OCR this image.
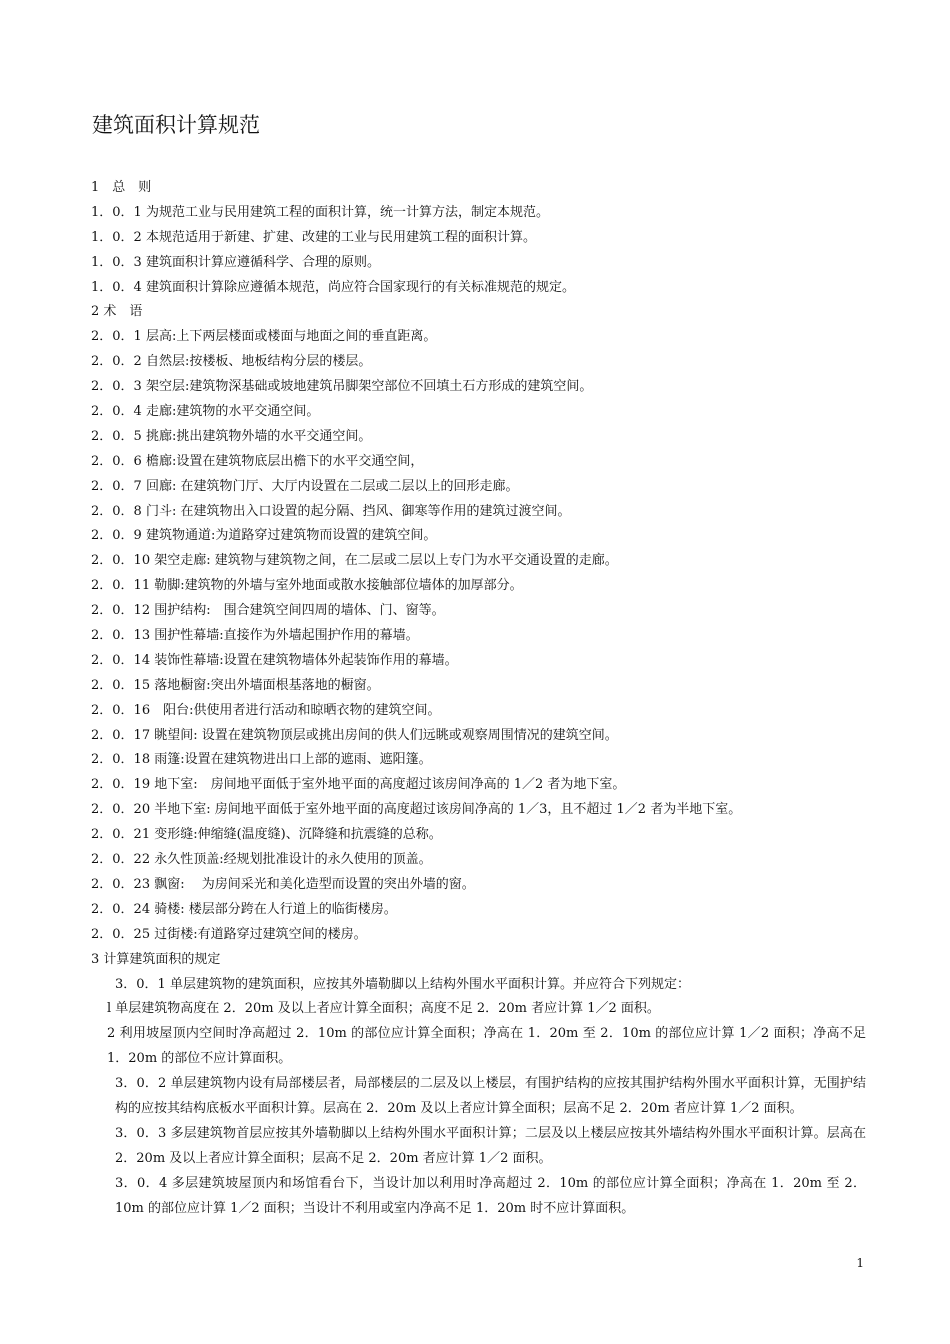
建筑面积计算规范
1　总　则
1．0．1 为规范工业与民用建筑工程的面积计算，统一计算方法，制定本规范。
1．0．2 本规范适用于新建、扩建、改建的工业与民用建筑工程的面积计算。
1．0．3 建筑面积计算应遵循科学、合理的原则。
1．0．4 建筑面积计算除应遵循本规范，尚应符合国家现行的有关标准规范的规定。
2 术　语
2．0．1 层高:上下两层楼面或楼面与地面之间的垂直距离。
2．0．2 自然层:按楼板、地板结构分层的楼层。
2．0．3 架空层:建筑物深基础或坡地建筑吊脚架空部位不回填土石方形成的建筑空间。
2．0．4 走廊:建筑物的水平交通空间。
2．0．5 挑廊:挑出建筑物外墙的水平交通空间。
2．0．6 檐廊:设置在建筑物底层出檐下的水平交通空间，
2．0．7 回廊: 在建筑物门厅、大厅内设置在二层或二层以上的回形走廊。
2．0．8 门斗: 在建筑物出入口设置的起分隔、挡风、御寒等作用的建筑过渡空间。
2．0．9 建筑物通道:为道路穿过建筑物而设置的建筑空间。
2．0．10 架空走廊: 建筑物与建筑物之间，在二层或二层以上专门为水平交通设置的走廊。
2．0．11 勒脚:建筑物的外墙与室外地面或散水接触部位墙体的加厚部分。
2．0．12 围护结构:　围合建筑空间四周的墙体、门、窗等。
2．0．13 围护性幕墙:直接作为外墙起围护作用的幕墙。
2．0．14 装饰性幕墙:设置在建筑物墙体外起装饰作用的幕墙。
2．0．15 落地橱窗:突出外墙面根基落地的橱窗。
2．0．16　阳台:供使用者进行活动和晾晒衣物的建筑空间。
2．0．17 眺望间: 设置在建筑物顶层或挑出房间的供人们远眺或观察周围情况的建筑空间。
2．0．18 雨篷:设置在建筑物进出口上部的遮雨、遮阳篷。
2．0．19 地下室:　房间地平面低于室外地平面的高度超过该房间净高的 1／2 者为地下室。
2．0．20 半地下室: 房间地平面低于室外地平面的高度超过该房间净高的 1／3，且不超过 1／2 者为半地下室。
2．0．21 变形缝:伸缩缝(温度缝)、沉降缝和抗震缝的总称。
2．0．22 永久性顶盖:经规划批准设计的永久使用的顶盖。
2．0．23 飘窗:　 为房间采光和美化造型而设置的突出外墙的窗。
2．0．24 骑楼: 楼层部分跨在人行道上的临街楼房。
2．0．25 过街楼:有道路穿过建筑空间的楼房。
3 计算建筑面积的规定
3．0．1 单层建筑物的建筑面积，应按其外墙勒脚以上结构外围水平面积计算。并应符合下列规定：
l 单层建筑物高度在 2．20m 及以上者应计算全面积；高度不足 2．20m 者应计算 1／2 面积。
2 利用坡屋顶内空间时净高超过 2．10m 的部位应计算全面积；净高在 1．20m 至 2．10m 的部位应计算 1／2 面积；净高不足 1．20m 的部位不应计算面积。
3．0．2 单层建筑物内设有局部楼层者，局部楼层的二层及以上楼层，有围护结构的应按其围护结构外围水平面积计算，无围护结构的应按其结构底板水平面积计算。层高在 2．20m 及以上者应计算全面积；层高不足 2．20m 者应计算 1／2 面积。
3．0．3 多层建筑物首层应按其外墙勒脚以上结构外围水平面积计算；二层及以上楼层应按其外墙结构外围水平面积计算。层高在 2．20m 及以上者应计算全面积；层高不足 2．20m 者应计算 1／2 面积。
3．0．4 多层建筑坡屋顶内和场馆看台下，当设计加以利用时净高超过 2．10m 的部位应计算全面积；净高在 1．20m 至 2．10m 的部位应计算 1／2 面积；当设计不利用或室内净高不足 1．20m 时不应计算面积。
1
